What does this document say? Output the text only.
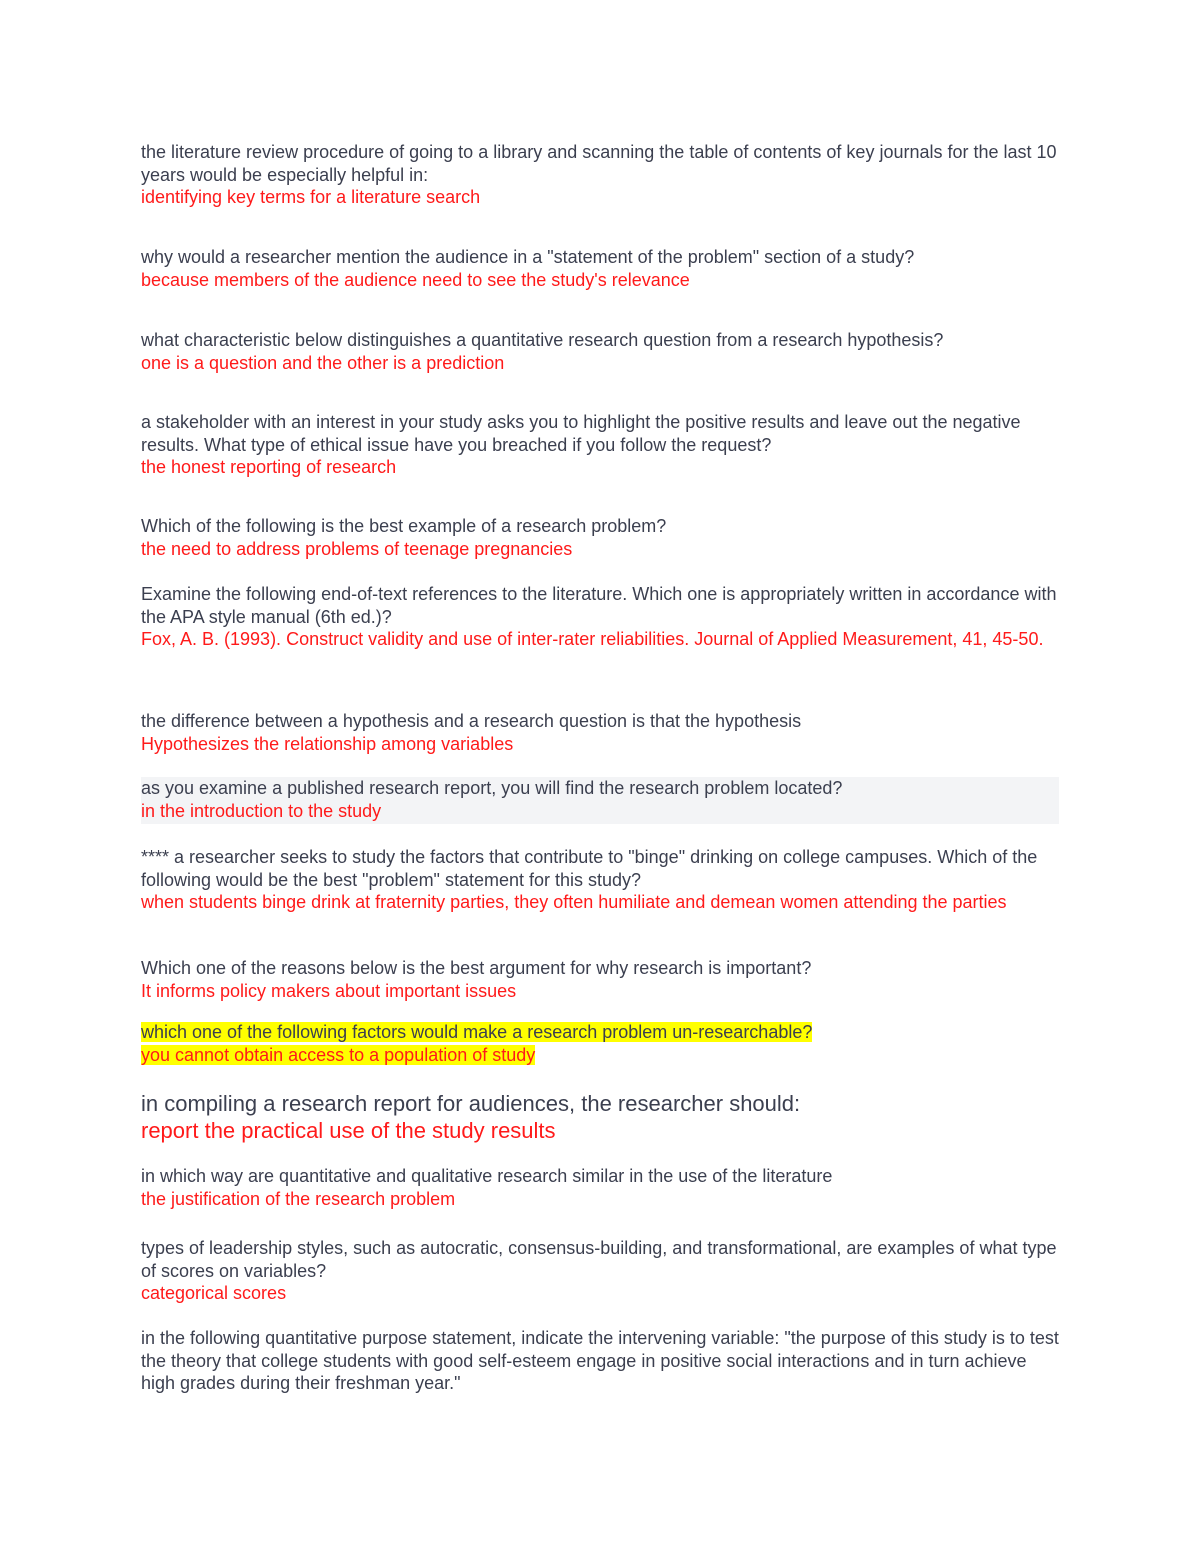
the literature review procedure of going to a library and scanning the table of contents of key journals for the last 10 years would be especially helpful in:
identifying key terms for a literature search
why would a researcher mention the audience in a "statement of the problem" section of a study?
because members of the audience need to see the study's relevance
what characteristic below distinguishes a quantitative research question from a research hypothesis?
one is a question and the other is a prediction
a stakeholder with an interest in your study asks you to highlight the positive results and leave out the negative results. What type of ethical issue have you breached if you follow the request?
the honest reporting of research
Which of the following is the best example of a research problem?
the need to address problems of teenage pregnancies
Examine the following end-of-text references to the literature. Which one is appropriately written in accordance with the APA style manual (6th ed.)?
Fox, A. B. (1993). Construct validity and use of inter-rater reliabilities. Journal of Applied Measurement, 41, 45-50.
the difference between a hypothesis and a research question is that the hypothesis
Hypothesizes the relationship among variables
as you examine a published research report, you will find the research problem located?
in the introduction to the study
**** a researcher seeks to study the factors that contribute to "binge" drinking on college campuses. Which of the following would be the best "problem" statement for this study?
when students binge drink at fraternity parties, they often humiliate and demean women attending the parties
Which one of the reasons below is the best argument for why research is important?
It informs policy makers about important issues
which one of the following factors would make a research problem un-researchable?
you cannot obtain access to a population of study
in compiling a research report for audiences, the researcher should:
report the practical use of the study results
in which way are quantitative and qualitative research similar in the use of the literature
the justification of the research problem
types of leadership styles, such as autocratic, consensus-building, and transformational, are examples of what type of scores on variables?
categorical scores
in the following quantitative purpose statement, indicate the intervening variable: "the purpose of this study is to test the theory that college students with good self-esteem engage in positive social interactions and in turn achieve high grades during their freshman year."
